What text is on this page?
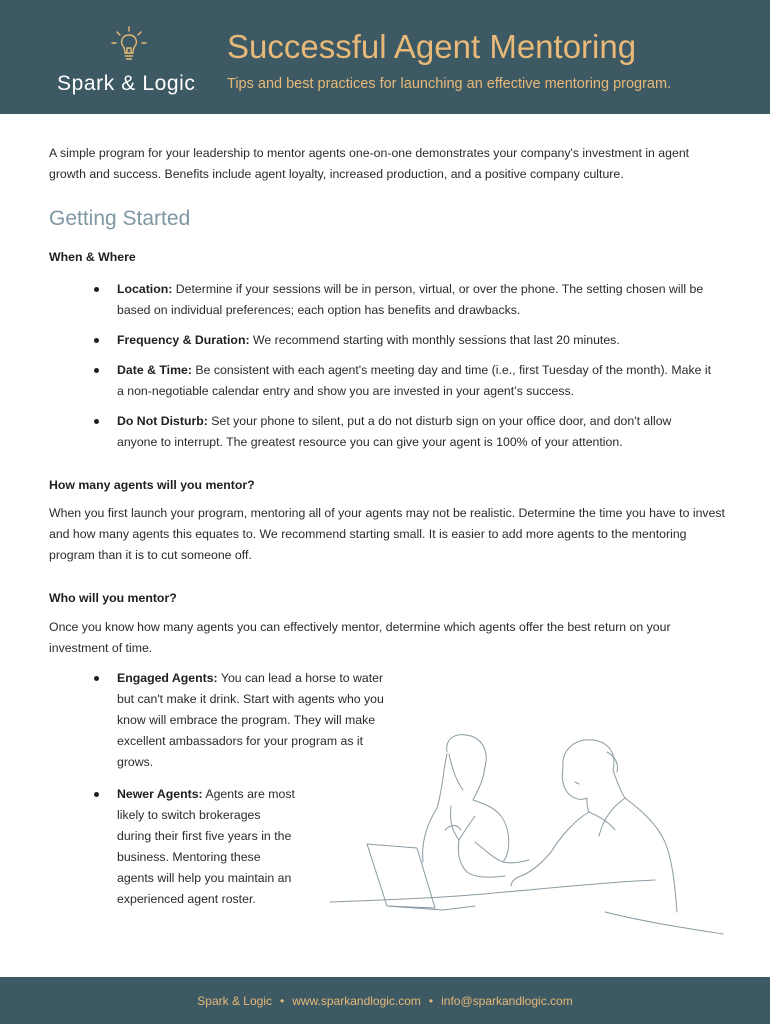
Spark & Logic.
Successful Agent Mentoring
Tips and best practices for launching an effective mentoring program.
A simple program for your leadership to mentor agents one-on-one demonstrates your company's investment in agent growth and success. Benefits include agent loyalty, increased production, and a positive company culture.
Getting Started
When & Where
Location: Determine if your sessions will be in person, virtual, or over the phone. The setting chosen will be based on individual preferences; each option has benefits and drawbacks.
Frequency & Duration: We recommend starting with monthly sessions that last 20 minutes.
Date & Time: Be consistent with each agent's meeting day and time (i.e., first Tuesday of the month). Make it a non-negotiable calendar entry and show you are invested in your agent’s success.
Do Not Disturb: Set your phone to silent, put a do not disturb sign on your office door, and don't allow anyone to interrupt. The greatest resource you can give your agent is 100% of your attention.
How many agents will you mentor?
When you first launch your program, mentoring all of your agents may not be realistic. Determine the time you have to invest and how many agents this equates to. We recommend starting small. It is easier to add more agents to the mentoring program than it is to cut someone off.
Who will you mentor?
Once you know how many agents you can effectively mentor, determine which agents offer the best return on your investment of time.
Engaged Agents: You can lead a horse to water but can't make it drink. Start with agents who you know will embrace the program. They will make excellent ambassadors for your program as it grows.
Newer Agents: Agents are most likely to switch brokerages during their first five years in the business. Mentoring these agents will help you maintain an experienced agent roster.
Spark & Logic • www.sparkandlogic.com • info@sparkandlogic.com
